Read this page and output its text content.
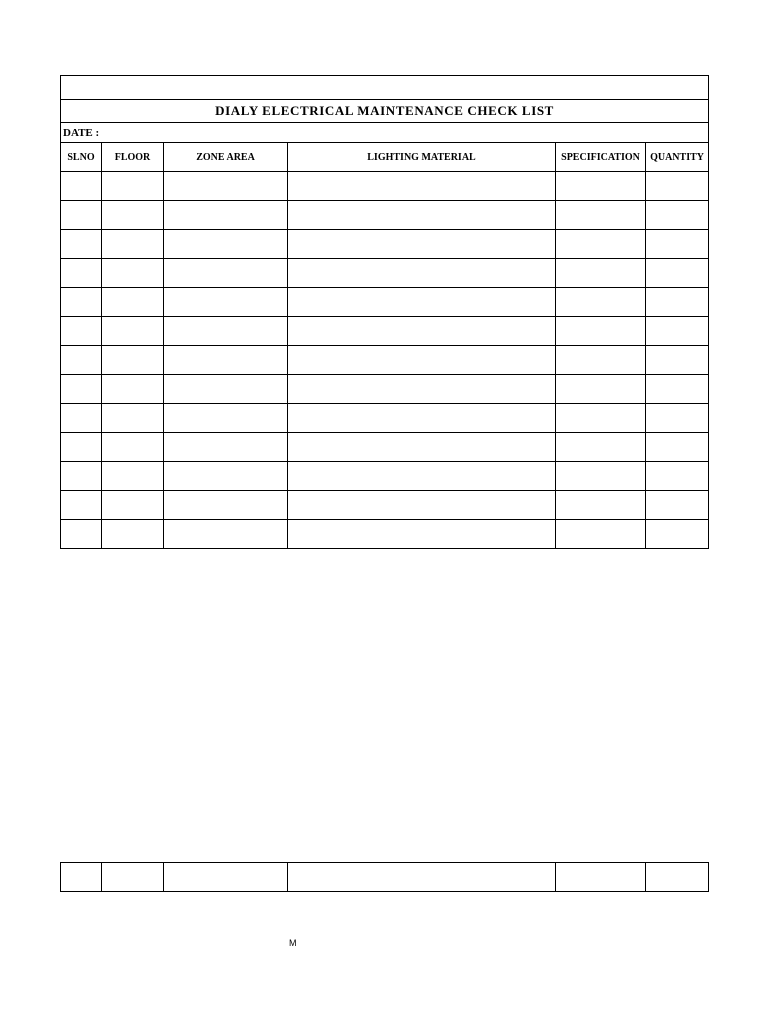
DIALY ELECTRICAL MAINTENANCE CHECK LIST					
DATE :					
SLNO	FLOOR	ZONE AREA	LIGHTING MATERIAL	SPECIFICATION	QUANTITY

M
